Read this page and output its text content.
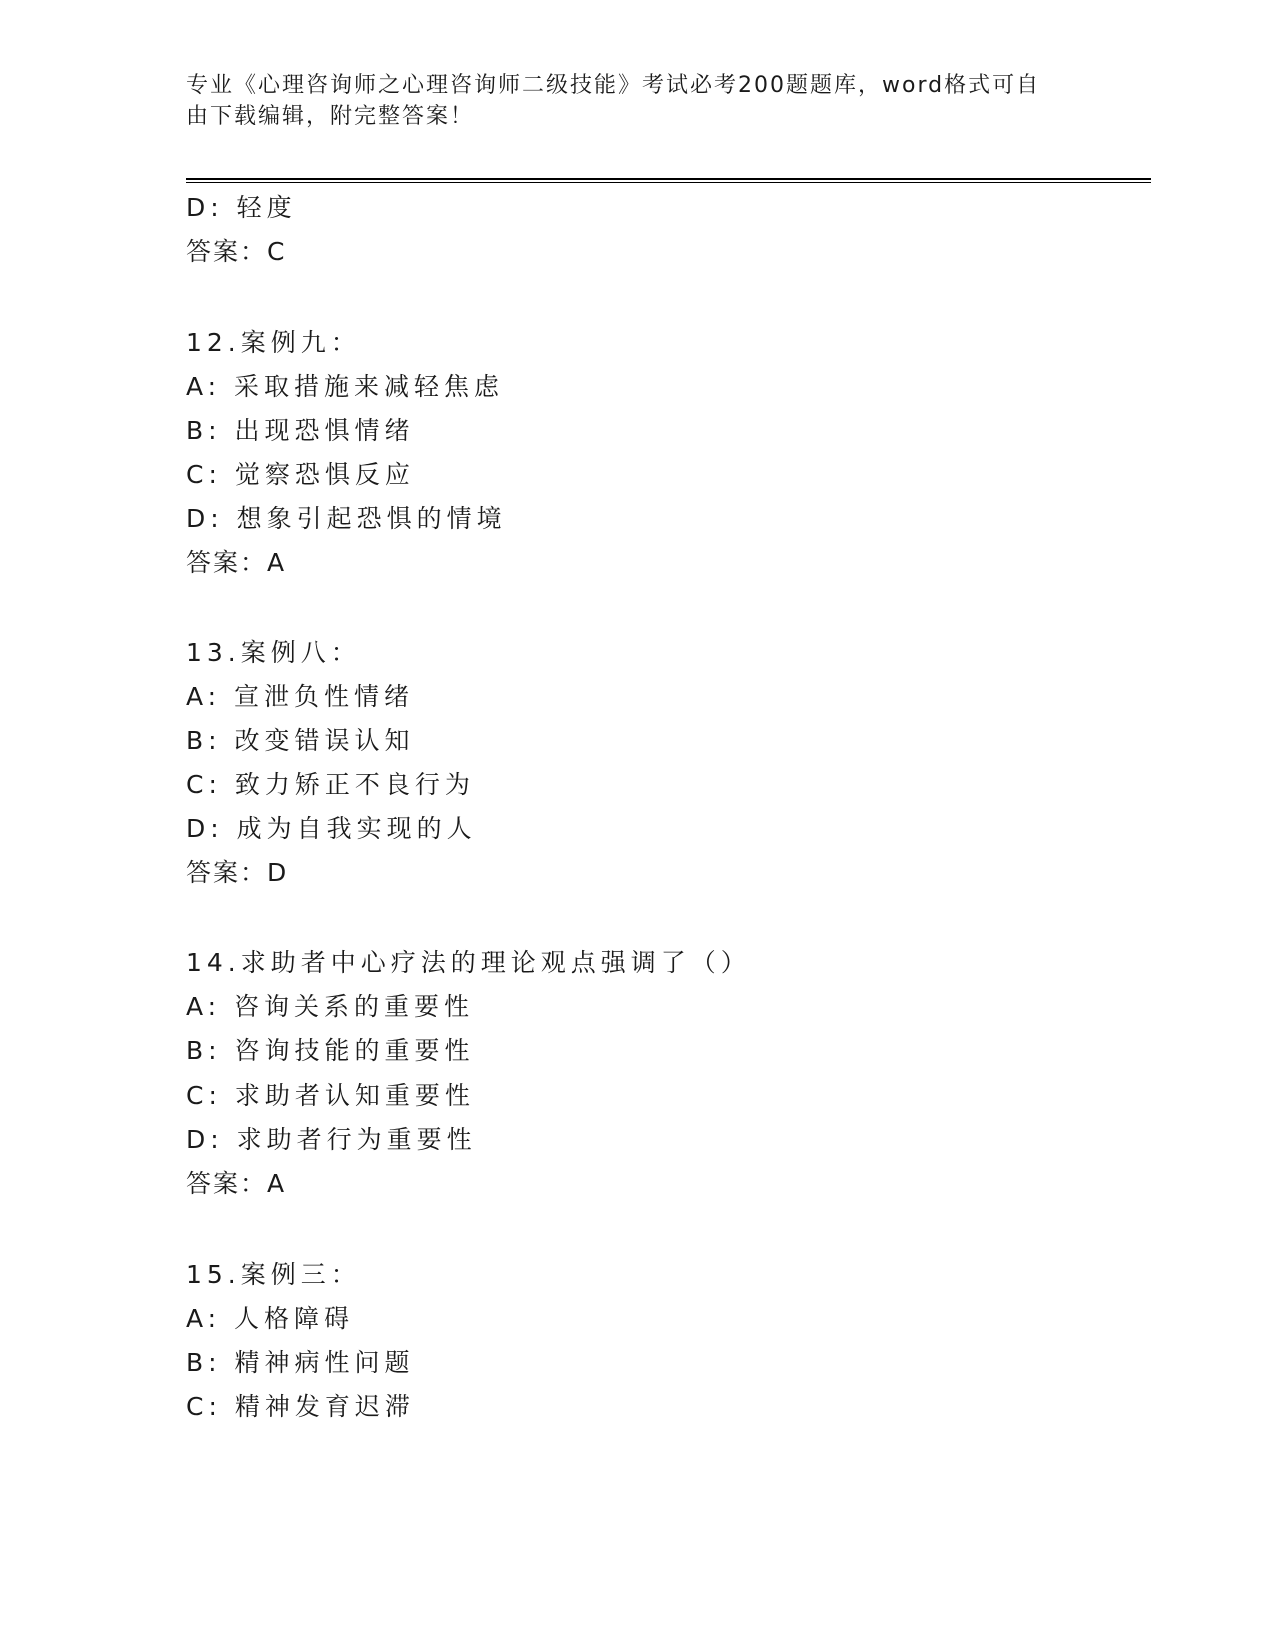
专业《心理咨询师之心理咨询师二级技能》考试必考200题题库，word格式可自
由下载编辑，附完整答案！
D: 轻度
答案：C
12.案例九：
A: 采取措施来减轻焦虑
B: 出现恐惧情绪
C: 觉察恐惧反应
D: 想象引起恐惧的情境
答案：A
13.案例八：
A: 宣泄负性情绪
B: 改变错误认知
C: 致力矫正不良行为
D: 成为自我实现的人
答案：D
14.求助者中心疗法的理论观点强调了（）
A: 咨询关系的重要性
B: 咨询技能的重要性
C: 求助者认知重要性
D: 求助者行为重要性
答案：A
15.案例三：
A: 人格障碍
B: 精神病性问题
C: 精神发育迟滞
